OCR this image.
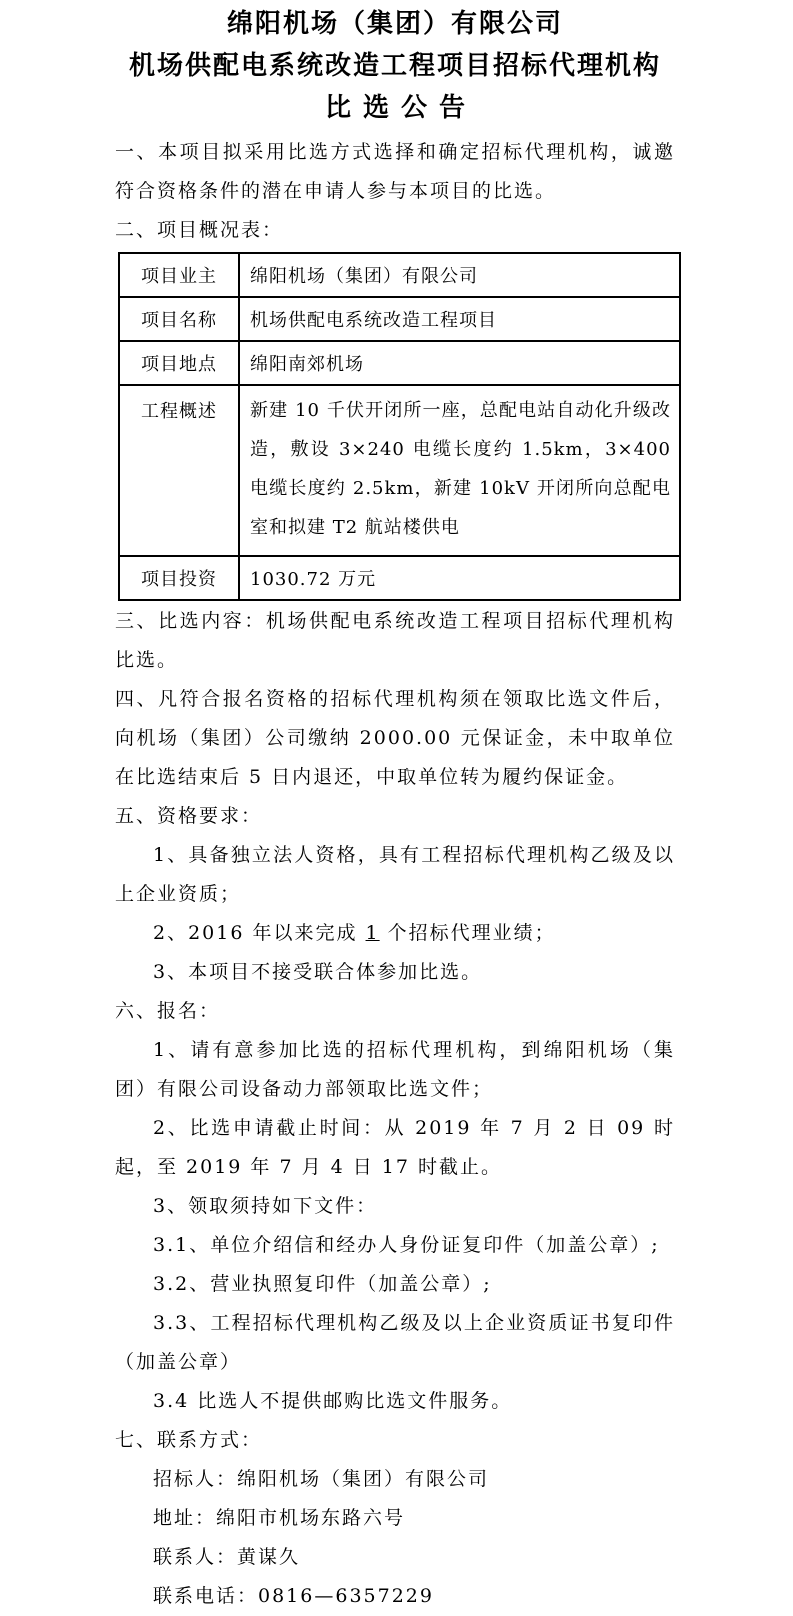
绵阳机场（集团）有限公司
机场供配电系统改造工程项目招标代理机构
比选公告

一、本项目拟采用比选方式选择和确定招标代理机构，诚邀符合资格条件的潜在申请人参与本项目的比选。

二、项目概况表：

项目业主	绵阳机场（集团）有限公司
项目名称	机场供配电系统改造工程项目
项目地点	绵阳南郊机场
工程概述	新建 10 千伏开闭所一座，总配电站自动化升级改造，敷设 3×240 电缆长度约 1.5km，3×400 电缆长度约 2.5km，新建 10kV 开闭所向总配电室和拟建 T2 航站楼供电
项目投资	1030.72 万元

三、比选内容：机场供配电系统改造工程项目招标代理机构比选。

四、凡符合报名资格的招标代理机构须在领取比选文件后，向机场（集团）公司缴纳 2000.00 元保证金，未中取单位在比选结束后 5 日内退还，中取单位转为履约保证金。

五、资格要求：

1、具备独立法人资格，具有工程招标代理机构乙级及以上企业资质；

2、2016 年以来完成 1 个招标代理业绩；

3、本项目不接受联合体参加比选。

六、报名：

1、请有意参加比选的招标代理机构，到绵阳机场（集团）有限公司设备动力部领取比选文件；

2、比选申请截止时间：从 2019 年 7 月 2 日 09 时起，至 2019 年 7 月 4 日 17 时截止。

3、领取须持如下文件：

3.1、单位介绍信和经办人身份证复印件（加盖公章）;

3.2、营业执照复印件（加盖公章）;

3.3、工程招标代理机构乙级及以上企业资质证书复印件（加盖公章）

3.4 比选人不提供邮购比选文件服务。

七、联系方式：

招标人：绵阳机场（集团）有限公司

地址：绵阳市机场东路六号

联系人：黄谋久

联系电话：0816—6357229
